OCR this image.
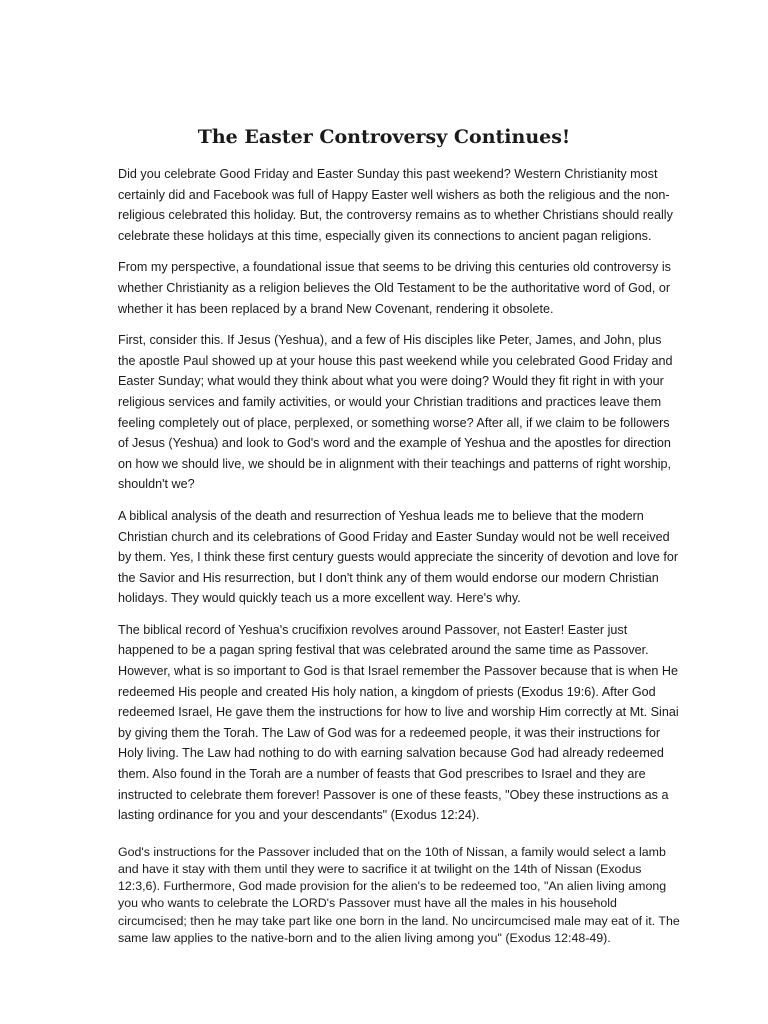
The Easter Controversy Continues!

Did you celebrate Good Friday and Easter Sunday this past weekend? Western Christianity most certainly did and Facebook was full of Happy Easter well wishers as both the religious and the non-religious celebrated this holiday. But, the controversy remains as to whether Christians should really celebrate these holidays at this time, especially given its connections to ancient pagan religions.

From my perspective, a foundational issue that seems to be driving this centuries old controversy is whether Christianity as a religion believes the Old Testament to be the authoritative word of God, or whether it has been replaced by a brand New Covenant, rendering it obsolete.

First, consider this. If Jesus (Yeshua), and a few of His disciples like Peter, James, and John, plus the apostle Paul showed up at your house this past weekend while you celebrated Good Friday and Easter Sunday; what would they think about what you were doing? Would they fit right in with your religious services and family activities, or would your Christian traditions and practices leave them feeling completely out of place, perplexed, or something worse? After all, if we claim to be followers of Jesus (Yeshua) and look to God's word and the example of Yeshua and the apostles for direction on how we should live, we should be in alignment with their teachings and patterns of right worship, shouldn't we?

A biblical analysis of the death and resurrection of Yeshua leads me to believe that the modern Christian church and its celebrations of Good Friday and Easter Sunday would not be well received by them. Yes, I think these first century guests would appreciate the sincerity of devotion and love for the Savior and His resurrection, but I don't think any of them would endorse our modern Christian holidays. They would quickly teach us a more excellent way. Here's why.

The biblical record of Yeshua's crucifixion revolves around Passover, not Easter! Easter just happened to be a pagan spring festival that was celebrated around the same time as Passover. However, what is so important to God is that Israel remember the Passover because that is when He redeemed His people and created His holy nation, a kingdom of priests (Exodus 19:6). After God redeemed Israel, He gave them the instructions for how to live and worship Him correctly at Mt. Sinai by giving them the Torah. The Law of God was for a redeemed people, it was their instructions for Holy living. The Law had nothing to do with earning salvation because God had already redeemed them. Also found in the Torah are a number of feasts that God prescribes to Israel and they are instructed to celebrate them forever! Passover is one of these feasts, "Obey these instructions as a lasting ordinance for you and your descendants" (Exodus 12:24).

God's instructions for the Passover included that on the 10th of Nissan, a family would select a lamb and have it stay with them until they were to sacrifice it at twilight on the 14th of Nissan (Exodus 12:3,6). Furthermore, God made provision for the alien's to be redeemed too, "An alien living among you who wants to celebrate the LORD's Passover must have all the males in his household circumcised; then he may take part like one born in the land. No uncircumcised male may eat of it. The same law applies to the native-born and to the alien living among you" (Exodus 12:48-49).
